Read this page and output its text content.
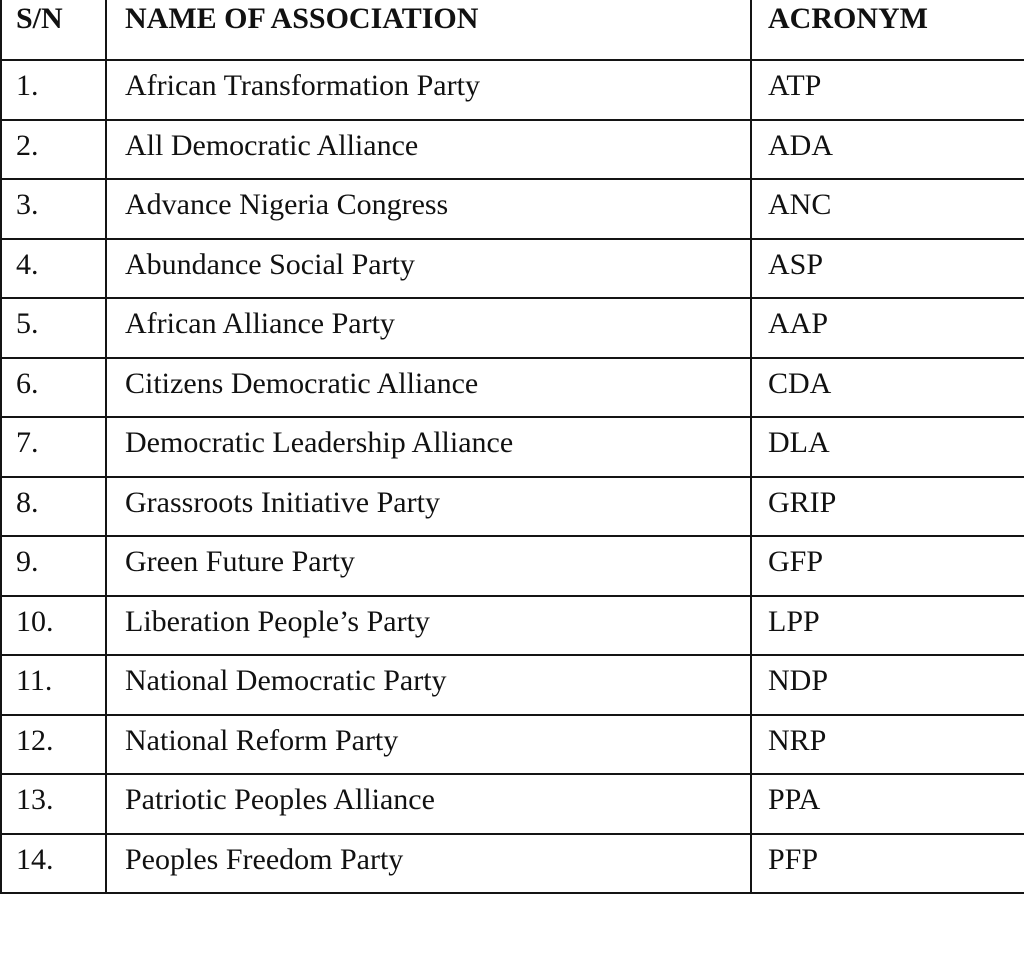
S/N	NAME OF ASSOCIATION	ACRONYM

1.	African Transformation Party	ATP

2.	All Democratic Alliance	ADA

3.	Advance Nigeria Congress	ANC

4.	Abundance Social Party	ASP

5.	African Alliance Party	AAP

6.	Citizens Democratic Alliance	CDA

7.	Democratic Leadership Alliance	DLA

8.	Grassroots Initiative Party	GRIP

9.	Green Future Party	GFP

10.	Liberation People’s Party	LPP

11.	National Democratic Party	NDP

12.	National Reform Party	NRP

13.	Patriotic Peoples Alliance	PPA

14.	Peoples Freedom Party	PFP
